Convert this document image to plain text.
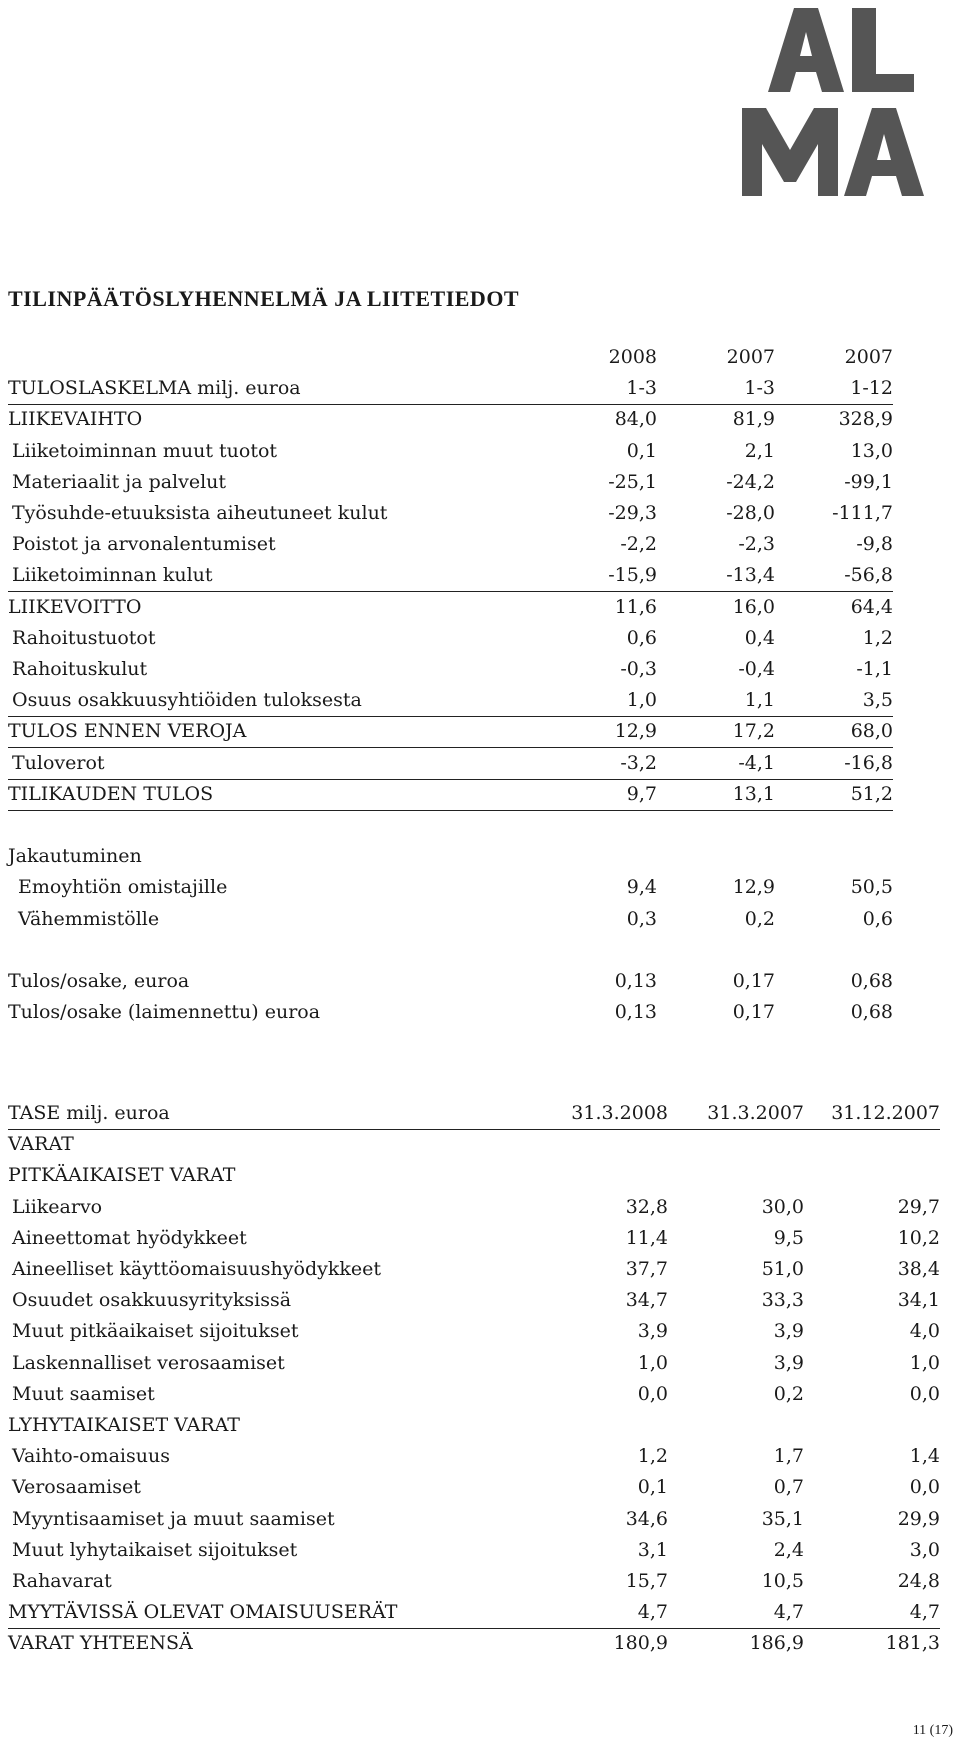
TILINPÄÄTÖSLYHENNELMÄ JA LIITETIEDOT
2008	2007	2007
TULOSLASKELMA milj. euroa	1-3	1-3	1-12
LIIKEVAIHTO	84,0	81,9	328,9
Liiketoiminnan muut tuotot	0,1	2,1	13,0
Materiaalit ja palvelut	-25,1	-24,2	-99,1
Työsuhde-etuuksista aiheutuneet kulut	-29,3	-28,0	-111,7
Poistot ja arvonalentumiset	-2,2	-2,3	-9,8
Liiketoiminnan kulut	-15,9	-13,4	-56,8
LIIKEVOITTO	11,6	16,0	64,4
Rahoitustuotot	0,6	0,4	1,2
Rahoituskulut	-0,3	-0,4	-1,1
Osuus osakkuusyhtiöiden tuloksesta	1,0	1,1	3,5
TULOS ENNEN VEROJA	12,9	17,2	68,0
Tuloverot	-3,2	-4,1	-16,8
TILIKAUDEN TULOS	9,7	13,1	51,2
Jakautuminen
Emoyhtiön omistajille	9,4	12,9	50,5
Vähemmistölle	0,3	0,2	0,6
Tulos/osake, euroa	0,13	0,17	0,68
Tulos/osake (laimennettu) euroa	0,13	0,17	0,68
TASE milj. euroa	31.3.2008 31.3.2007 31.12.2007
VARAT
PITKÄAIKAISET VARAT
Liikearvo	32,8	30,0	29,7
Aineettomat hyödykkeet	11,4	9,5	10,2
Aineelliset käyttöomaisuushyödykkeet	37,7	51,0	38,4
Osuudet osakkuusyrityksissä	34,7	33,3	34,1
Muut pitkäaikaiset sijoitukset	3,9	3,9	4,0
Laskennalliset verosaamiset	1,0	3,9	1,0
Muut saamiset	0,0	0,2	0,0
LYHYTAIKAISET VARAT
Vaihto-omaisuus	1,2	1,7	1,4
Verosaamiset	0,1	0,7	0,0
Myyntisaamiset ja muut saamiset	34,6	35,1	29,9
Muut lyhytaikaiset sijoitukset	3,1	2,4	3,0
Rahavarat	15,7	10,5	24,8
MYYTÄVISSÄ OLEVAT OMAISUUSERÄT	4,7	4,7	4,7
VARAT YHTEENSÄ	180,9	186,9	181,3
11 (17)
